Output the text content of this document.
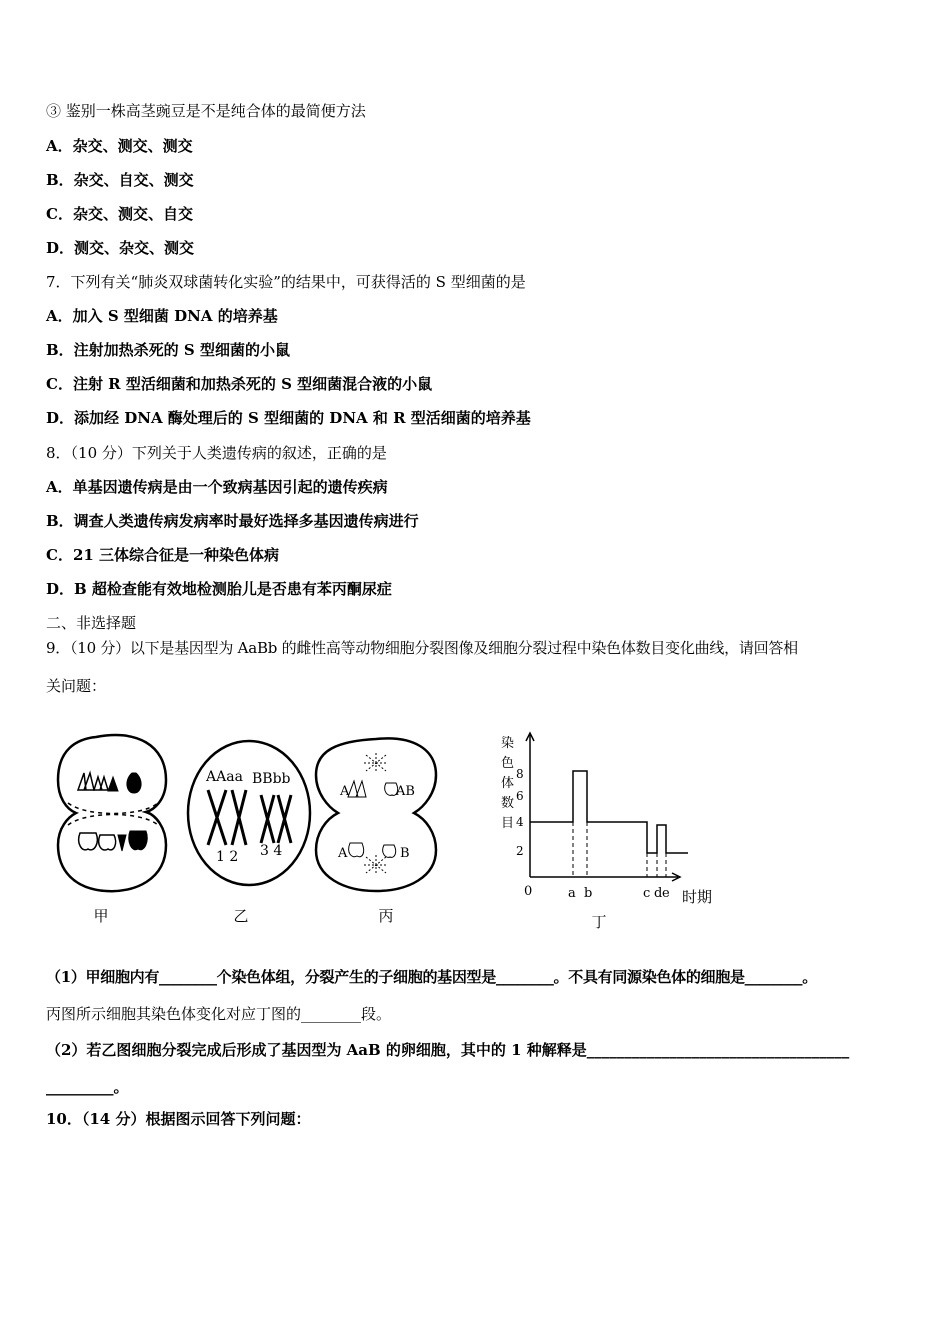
③ 鉴别一株高茎豌豆是不是纯合体的最简便方法
A．杂交、测交、测交
B．杂交、自交、测交
C．杂交、测交、自交
D．测交、杂交、测交
7．下列有关“肺炎双球菌转化实验”的结果中，可获得活的 S 型细菌的是
A．加入 S 型细菌 DNA 的培养基
B．注射加热杀死的 S 型细菌的小鼠
C．注射 R 型活细菌和加热杀死的 S 型细菌混合液的小鼠
D．添加经 DNA 酶处理后的 S 型细菌的 DNA 和 R 型活细菌的培养基
8．（10 分）下列关于人类遗传病的叙述，正确的是
A．单基因遗传病是由一个致病基因引起的遗传疾病
B．调查人类遗传病发病率时最好选择多基因遗传病进行
C．21 三体综合征是一种染色体病
D．B 超检查能有效地检测胎儿是否患有苯丙酮尿症
二、非选择题
9．（10 分）以下是基因型为 AaBb 的雌性高等动物细胞分裂图像及细胞分裂过程中染色体数目变化曲线，请回答相
关问题：
甲
AAaa BBbb
1 2 3 4
乙
A	AB
A	B
丙
染
色
体
数
目
8
6
4
2
0	a b	c d e 时期
丁
（1）甲细胞内有________个染色体组，分裂产生的子细胞的基因型是________。不具有同源染色体的细胞是________。
丙图所示细胞其染色体变化对应丁图的________段。
（2）若乙图细胞分裂完成后形成了基因型为 AaB 的卵细胞，其中的 1 种解释是___________________________________
_________。
10．（14 分）根据图示回答下列问题：
